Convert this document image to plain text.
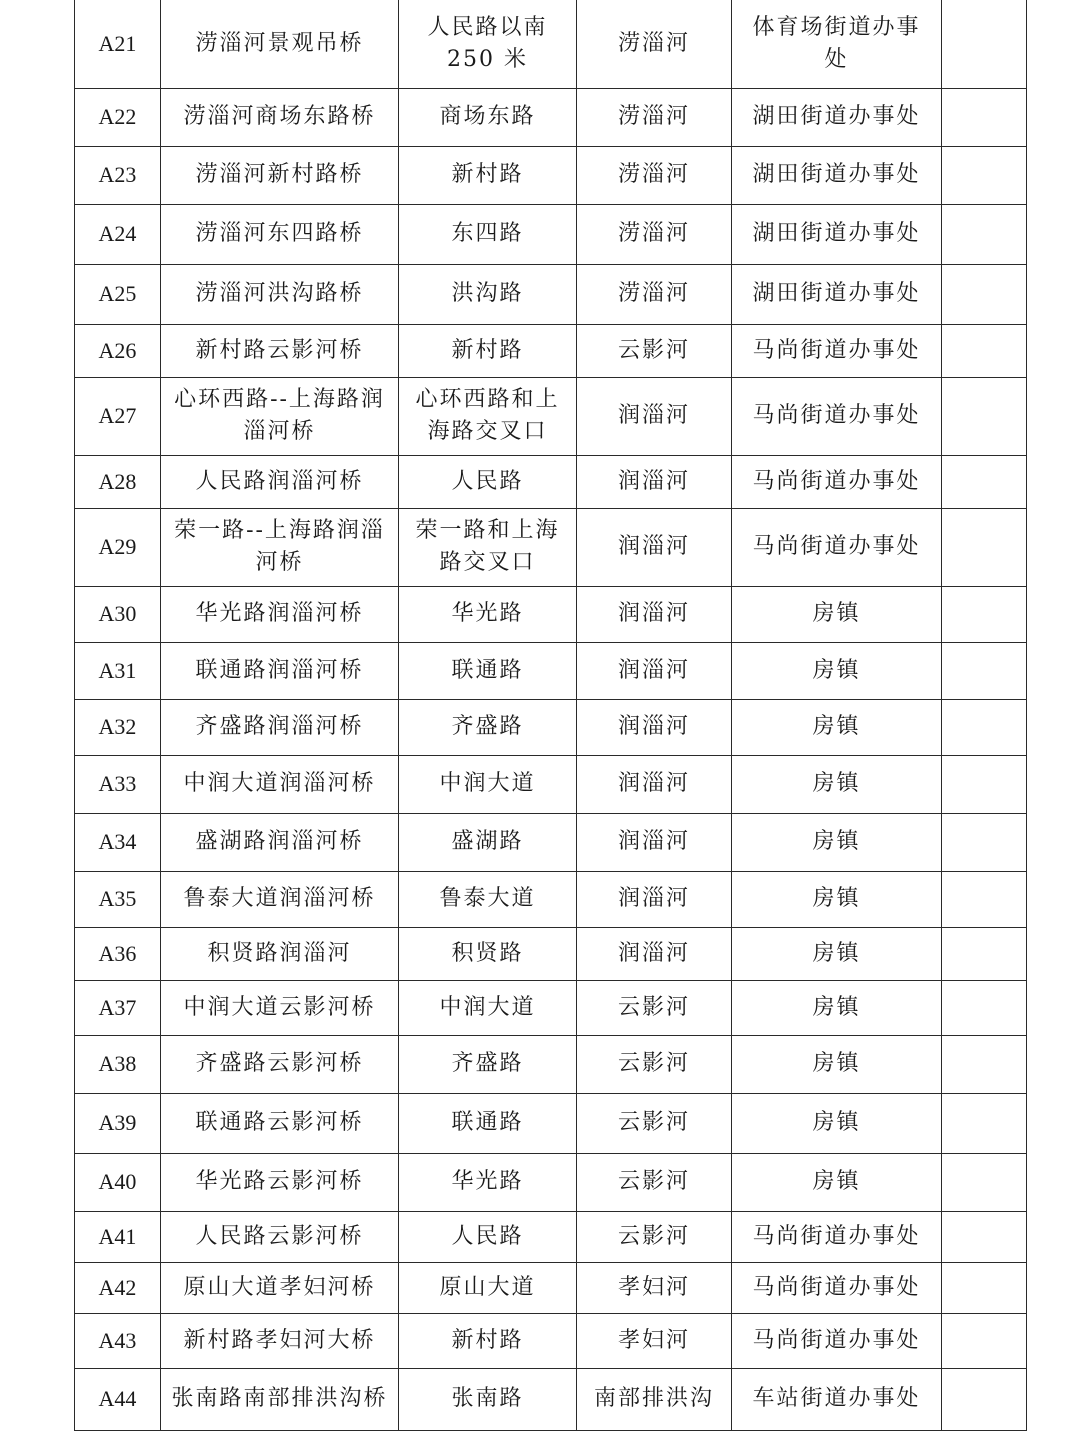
A21	涝淄河景观吊桥	人民路以南 250 米	涝淄河	体育场街道办事处	
A22	涝淄河商场东路桥	商场东路	涝淄河	湖田街道办事处	
A23	涝淄河新村路桥	新村路	涝淄河	湖田街道办事处	
A24	涝淄河东四路桥	东四路	涝淄河	湖田街道办事处	
A25	涝淄河洪沟路桥	洪沟路	涝淄河	湖田街道办事处	
A26	新村路云影河桥	新村路	云影河	马尚街道办事处	
A27	心环西路--上海路润淄河桥	心环西路和上海路交叉口	润淄河	马尚街道办事处	
A28	人民路润淄河桥	人民路	润淄河	马尚街道办事处	
A29	荣一路--上海路润淄河桥	荣一路和上海路交叉口	润淄河	马尚街道办事处	
A30	华光路润淄河桥	华光路	润淄河	房镇	
A31	联通路润淄河桥	联通路	润淄河	房镇	
A32	齐盛路润淄河桥	齐盛路	润淄河	房镇	
A33	中润大道润淄河桥	中润大道	润淄河	房镇	
A34	盛湖路润淄河桥	盛湖路	润淄河	房镇	
A35	鲁泰大道润淄河桥	鲁泰大道	润淄河	房镇	
A36	积贤路润淄河	积贤路	润淄河	房镇	
A37	中润大道云影河桥	中润大道	云影河	房镇	
A38	齐盛路云影河桥	齐盛路	云影河	房镇	
A39	联通路云影河桥	联通路	云影河	房镇	
A40	华光路云影河桥	华光路	云影河	房镇	
A41	人民路云影河桥	人民路	云影河	马尚街道办事处	
A42	原山大道孝妇河桥	原山大道	孝妇河	马尚街道办事处	
A43	新村路孝妇河大桥	新村路	孝妇河	马尚街道办事处	
A44	张南路南部排洪沟桥	张南路	南部排洪沟	车站街道办事处	
